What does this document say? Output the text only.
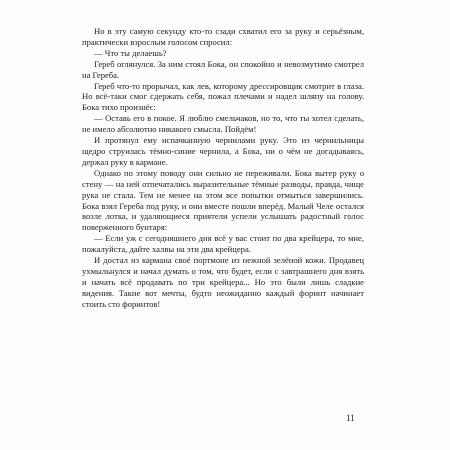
Но в эту самую секунду кто-то сзади схватил его за руку и серьёзным, практически взрослым голосом спросил:

— Что ты делаешь?

Гереб оглянулся. За ним стоял Бока, он спокойно и невозмутимо смотрел на Гереба.

Гереб что-то прорычал, как лев, которому дрессировщик смотрит в глаза. Но всё-таки смог сдержать себя, пожал плечами и надел шляпу на голову. Бока тихо произнёс:

— Оставь его в покое. Я люблю смельчаков, но то, что ты хотел сделать, не имело абсолютно никакого смысла. Пойдём!

И протянул ему испачканную чернилами руку. Это из чернильницы щедро струилась тёмно-синие чернила, а Бока, ни о чём не догадываясь, держал руку в кармане.

Однако по этому поводу они сильно не переживали. Бока вытер руку о стену — на ней отпечатались выразительные тёмные разводы, правда, чище рука не стала. Тем не менее на этом все попытки отмыться завершились. Бока взял Гереба под руку, и они вместе пошли вперёд. Малый Челе остался возле лотка, и удаляющиеся приятели успели услышать радостный голос поверженного бунтаря:

— Если уж с сегодняшнего дня всё у вас стоит по два крейцера, то мне, пожалуйста, дайте халвы на эти два крейцера.

И достал из кармана своё портмоне из нежной зелёной кожи. Продавец ухмыльнулся и начал думать о том, что будет, если с завтрашнего дня взять и начать всё продавать по три крейцера... Но это были лишь сладкие видения. Такие вот мечты, будто неожиданно каждый форинт начинает стоить сто форинтов!

11
